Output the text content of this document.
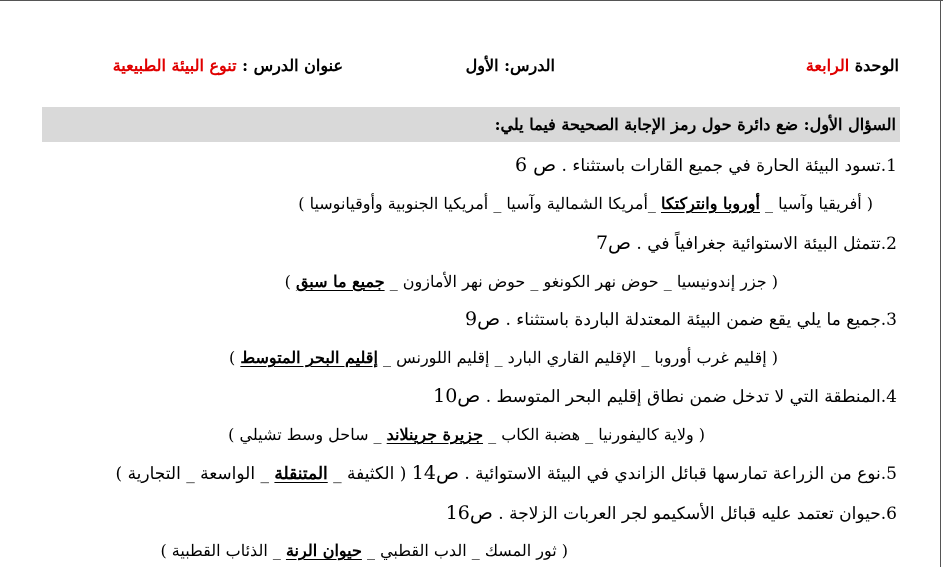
الوحدة الرابعة
الدرس: الأول
عنوان الدرس : تنوع البيئة الطبيعية
السؤال الأول: ضع دائرة حول رمز الإجابة الصحيحة فيما يلي:
1.تسود البيئة الحارة في جميع القارات باستثناء . ص 6
( أفريقيا وآسيا _ أوروبا وانتركتكا _أمريكا الشمالية وآسيا _ أمريكيا الجنوبية وأوقيانوسيا )
2.تتمثل البيئة الاستوائية جغرافياً في . ص7
( جزر إندونيسيا _ حوض نهر الكونغو _ حوض نهر الأمازون _ جميع ما سبق )
3.جميع ما يلي يقع ضمن البيئة المعتدلة الباردة باستثناء . ص9
( إقليم غرب أوروبا _ الإقليم القاري البارد _ إقليم اللورنس _ إقليم البحر المتوسط )
4.المنطقة التي لا تدخل ضمن نطاق إقليم البحر المتوسط . ص10
( ولاية كاليفورنيا _ هضبة الكاب _ جزيرة جرينلاند _ ساحل وسط تشيلي )
5.نوع من الزراعة تمارسها قبائل الزاندي في البيئة الاستوائية . ص14 ( الكثيفة _ المتنقلة _ الواسعة _ التجارية )
6.حيوان تعتمد عليه قبائل الأسكيمو لجر العربات الزلاجة . ص16
( ثور المسك _ الدب القطبي _ حيوان الرنة _ الذئاب القطبية )
